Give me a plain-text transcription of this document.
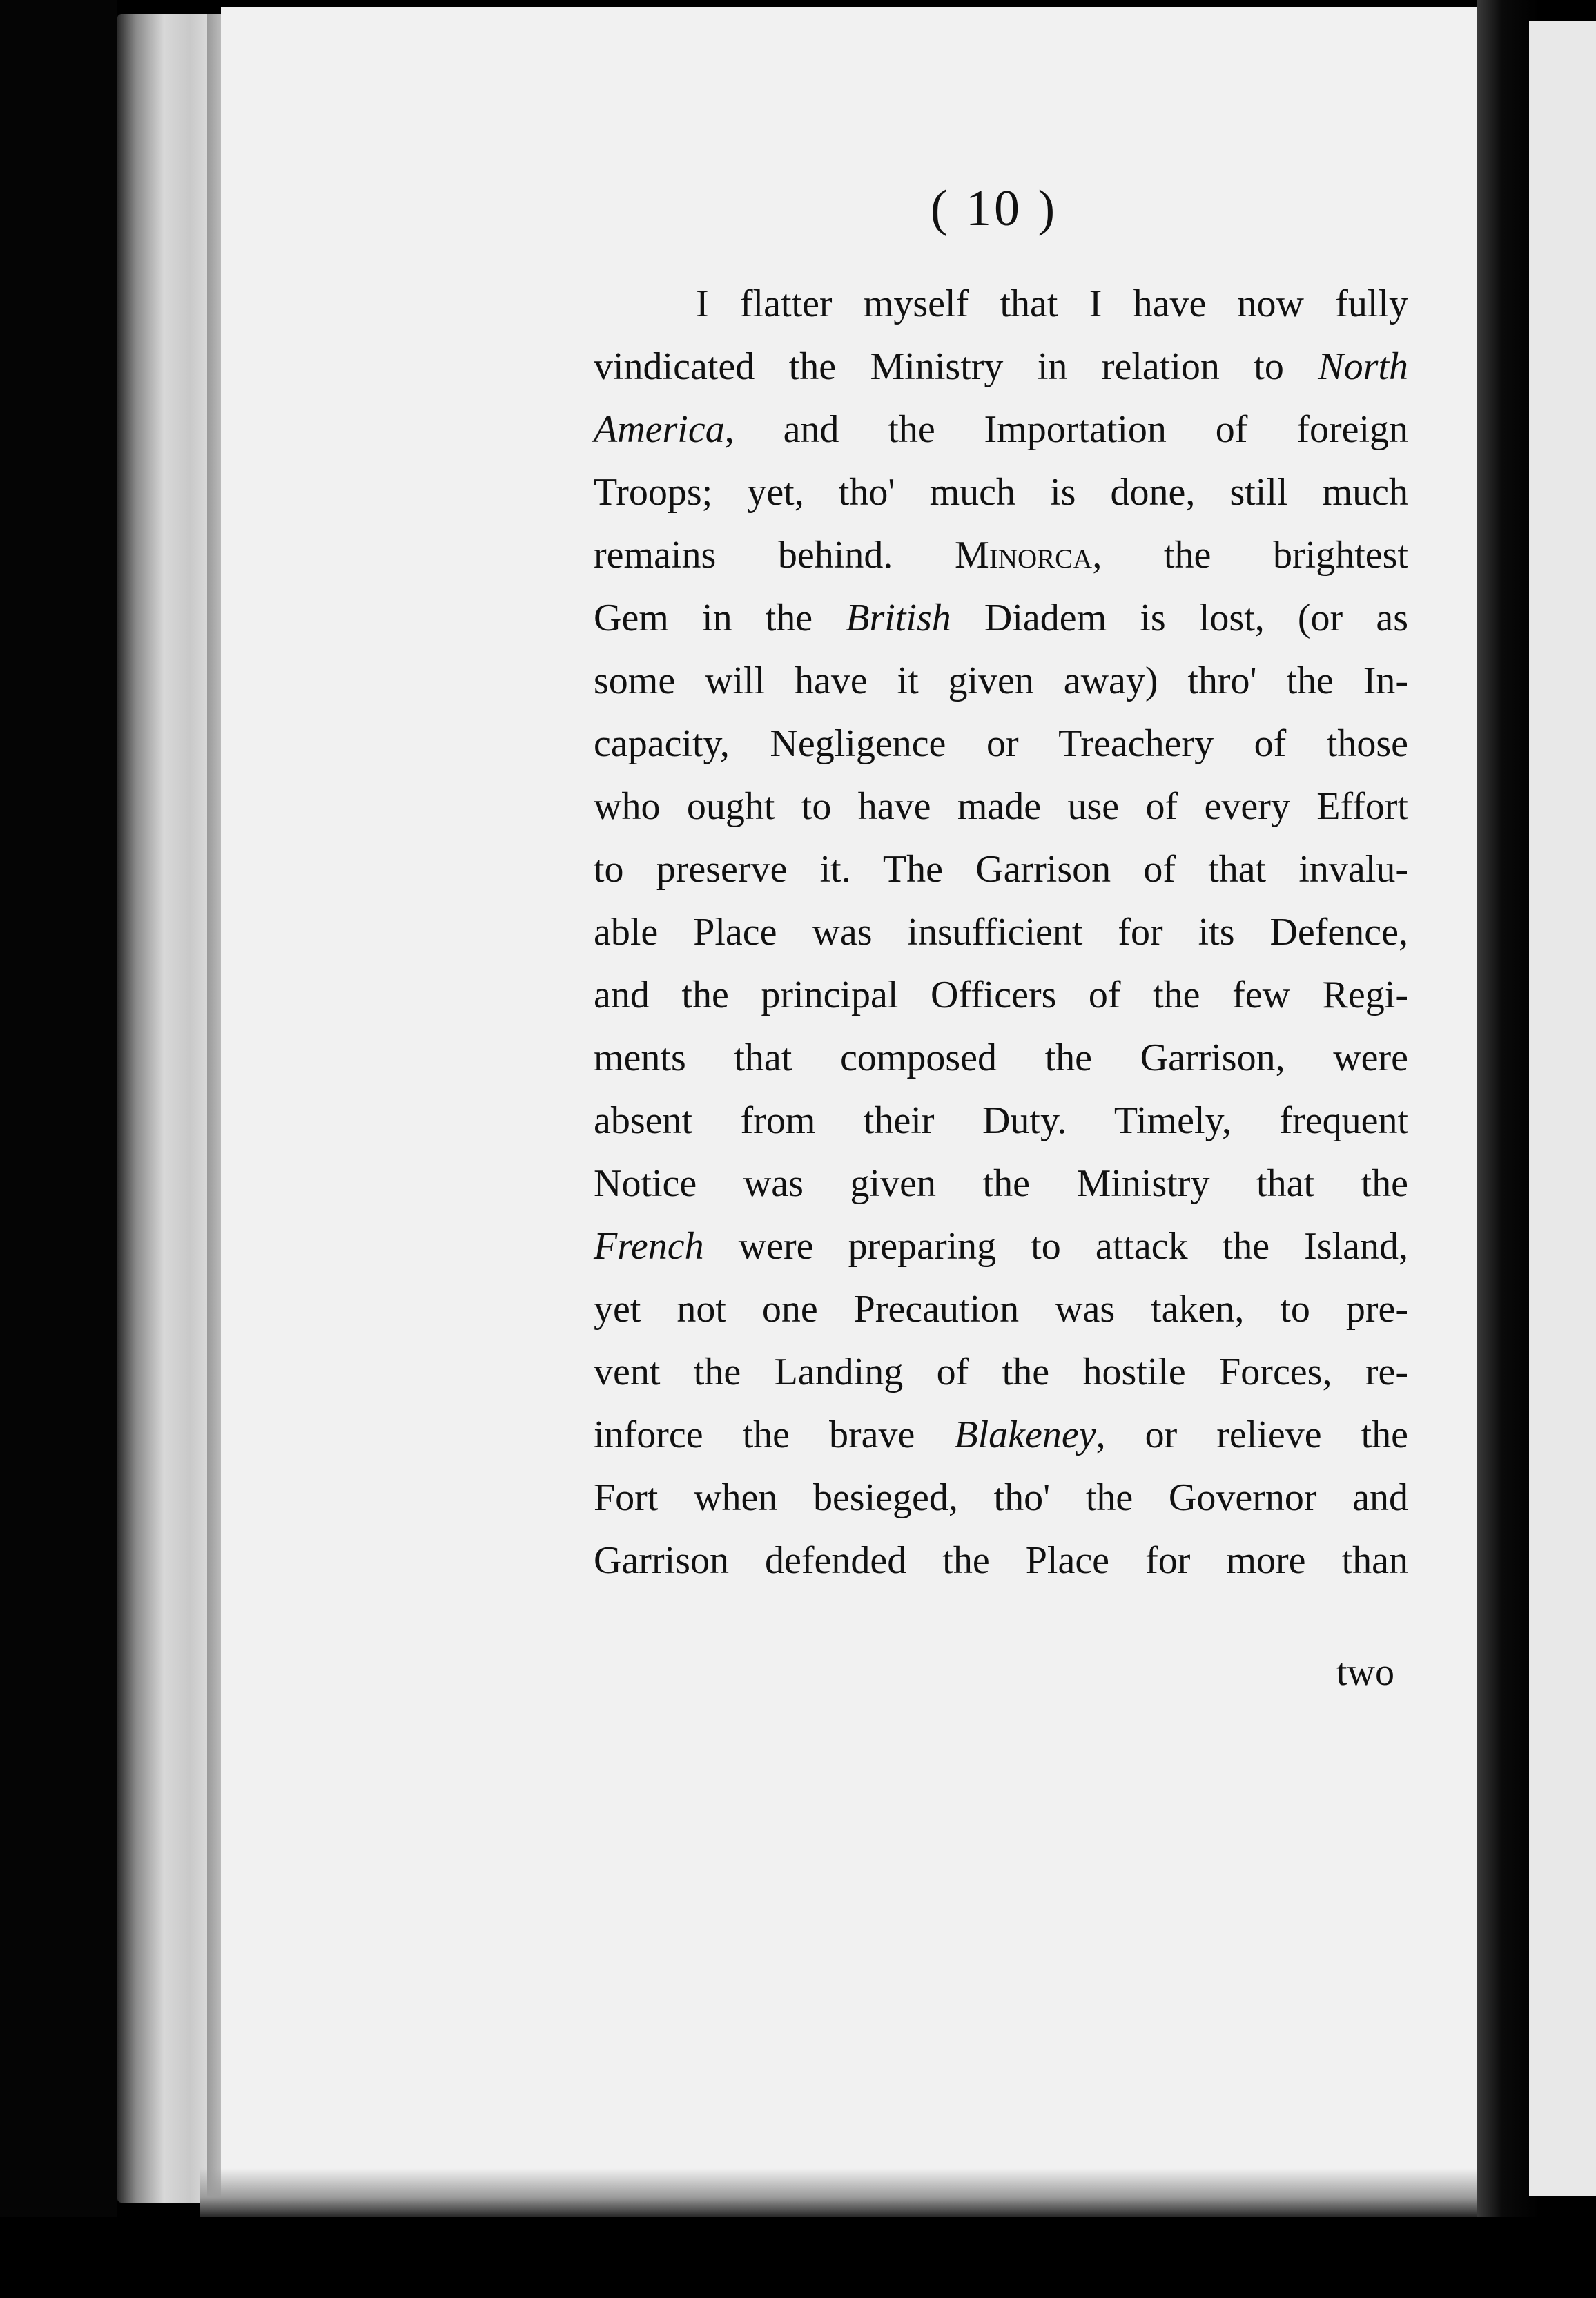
( 10 )
I flatter myself that I have now fully
vindicated the Ministry in relation to North
America, and the Importation of foreign
Troops; yet, tho' much is done, still much
remains behind. Minorca, the brightest
Gem in the British Diadem is lost, (or as
some will have it given away) thro' the In-
capacity, Negligence or Treachery of those
who ought to have made use of every Effort
to preserve it. The Garrison of that invalu-
able Place was insufficient for its Defence,
and the principal Officers of the few Regi-
ments that composed the Garrison, were
absent from their Duty. Timely, frequent
Notice was given the Ministry that the
French were preparing to attack the Island,
yet not one Precaution was taken, to pre-
vent the Landing of the hostile Forces, re-
inforce the brave Blakeney, or relieve the
Fort when besieged, tho' the Governor and
Garrison defended the Place for more than
two
